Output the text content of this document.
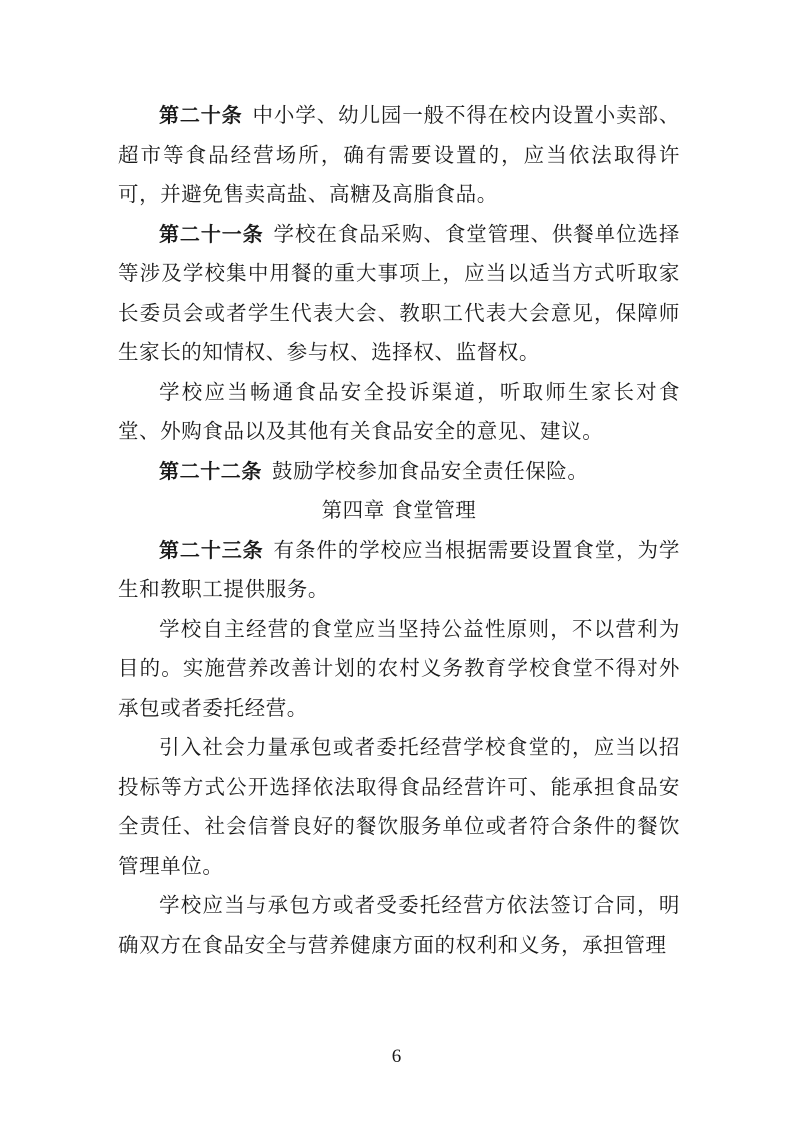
第二十条 中小学、幼儿园一般不得在校内设置小卖部、超市等食品经营场所，确有需要设置的，应当依法取得许可，并避免售卖高盐、高糖及高脂食品。

第二十一条 学校在食品采购、食堂管理、供餐单位选择等涉及学校集中用餐的重大事项上，应当以适当方式听取家长委员会或者学生代表大会、教职工代表大会意见，保障师生家长的知情权、参与权、选择权、监督权。

学校应当畅通食品安全投诉渠道，听取师生家长对食堂、外购食品以及其他有关食品安全的意见、建议。

第二十二条 鼓励学校参加食品安全责任保险。

第四章 食堂管理

第二十三条 有条件的学校应当根据需要设置食堂，为学生和教职工提供服务。

学校自主经营的食堂应当坚持公益性原则，不以营利为目的。实施营养改善计划的农村义务教育学校食堂不得对外承包或者委托经营。

引入社会力量承包或者委托经营学校食堂的，应当以招投标等方式公开选择依法取得食品经营许可、能承担食品安全责任、社会信誉良好的餐饮服务单位或者符合条件的餐饮管理单位。

学校应当与承包方或者受委托经营方依法签订合同，明确双方在食品安全与营养健康方面的权利和义务，承担管理

6
